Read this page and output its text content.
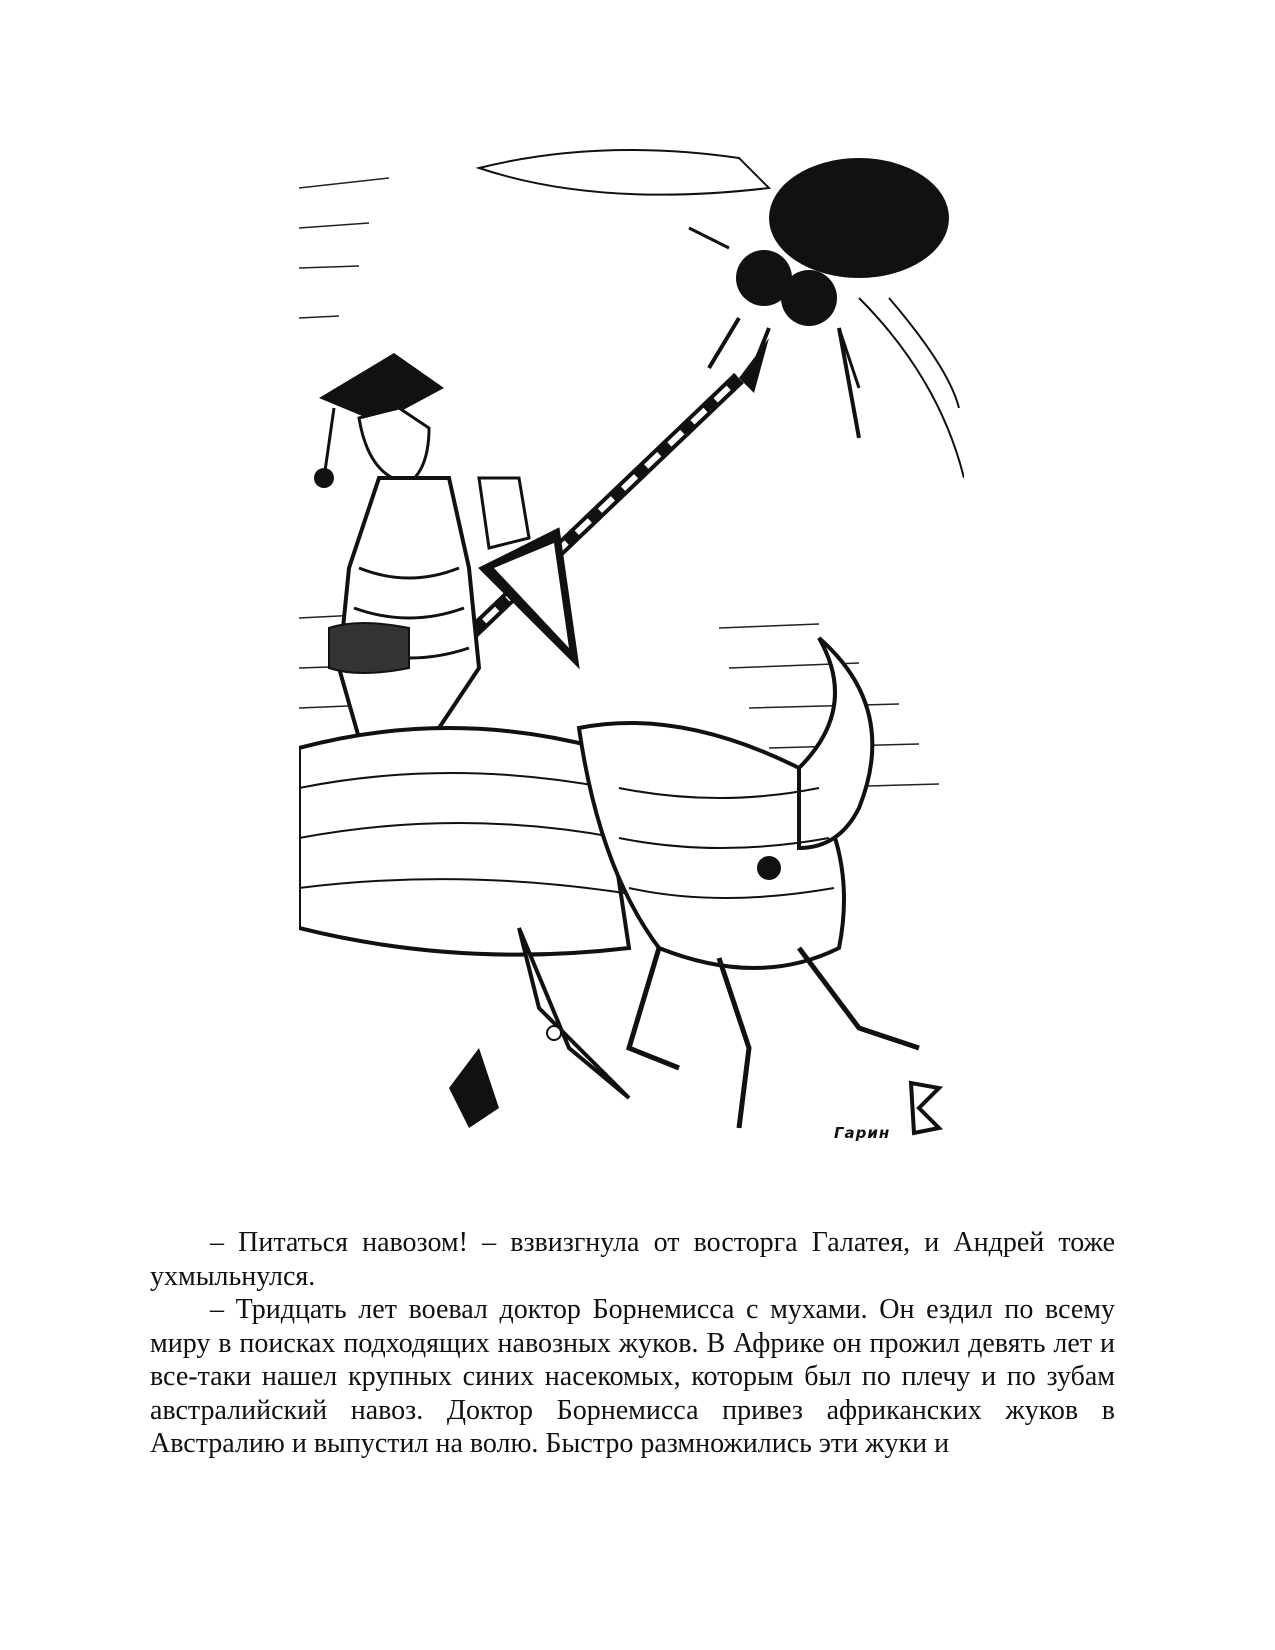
Гарин

– Питаться навозом! – взвизгнула от восторга Галатея, и Андрей тоже ухмыльнулся.

– Тридцать лет воевал доктор Борнемисса с мухами. Он ездил по всему миру в поисках подходящих навозных жуков. В Африке он прожил девять лет и все-таки нашел крупных синих насекомых, которым был по плечу и по зубам австралийский навоз. Доктор Борнемисса привез африканских жуков в Австралию и выпустил на волю. Быстро размножились эти жуки и
